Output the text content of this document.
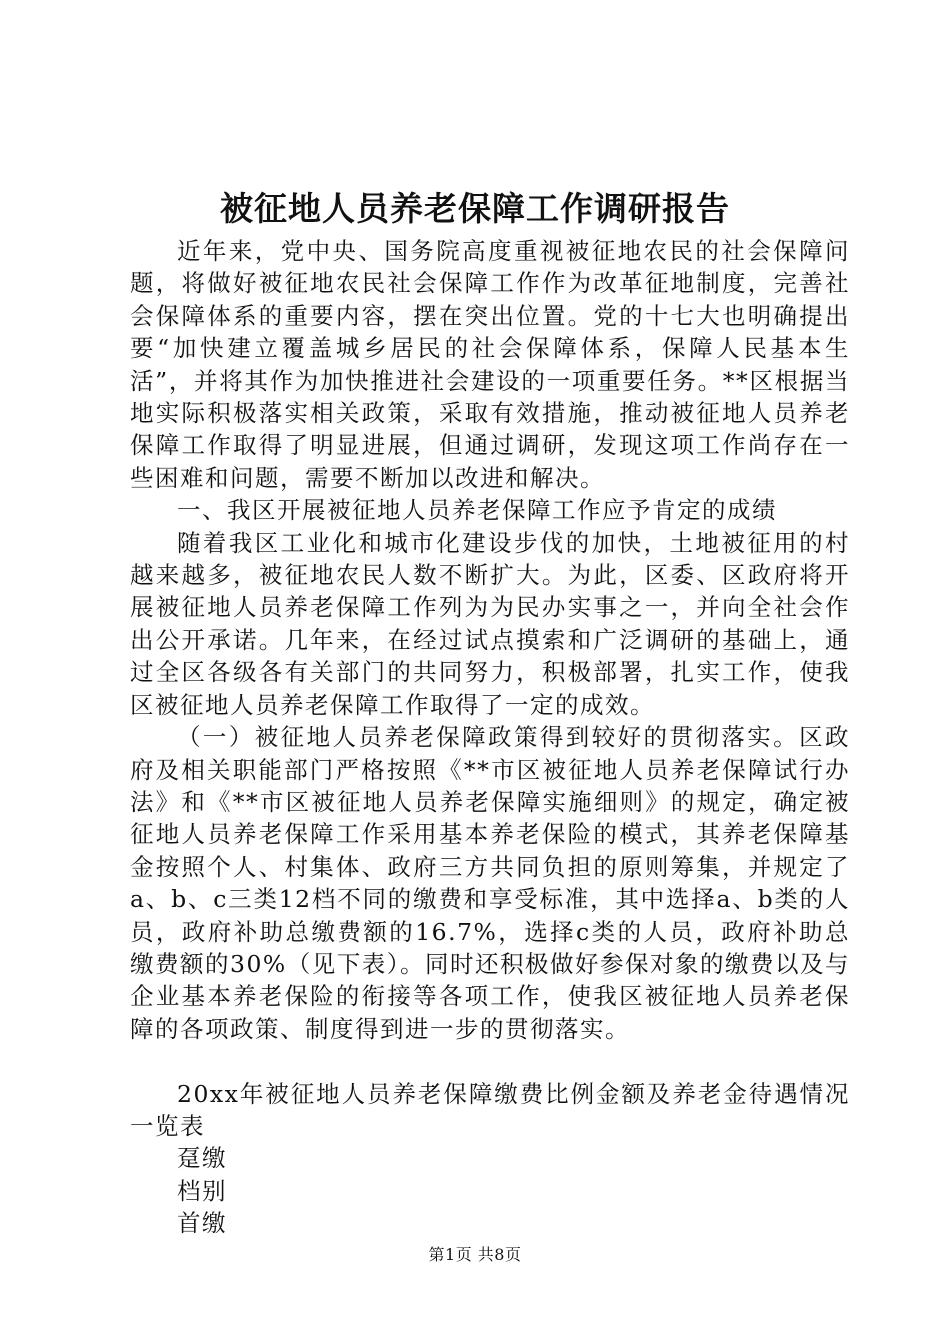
被征地人员养老保障工作调研报告

近年来，党中央、国务院高度重视被征地农民的社会保障问题，将做好被征地农民社会保障工作作为改革征地制度，完善社会保障体系的重要内容，摆在突出位置。党的十七大也明确提出要“加快建立覆盖城乡居民的社会保障体系，保障人民基本生活”，并将其作为加快推进社会建设的一项重要任务。**区根据当地实际积极落实相关政策，采取有效措施，推动被征地人员养老保障工作取得了明显进展，但通过调研，发现这项工作尚存在一些困难和问题，需要不断加以改进和解决。

一、我区开展被征地人员养老保障工作应予肯定的成绩

随着我区工业化和城市化建设步伐的加快，土地被征用的村越来越多，被征地农民人数不断扩大。为此，区委、区政府将开展被征地人员养老保障工作列为为民办实事之一，并向全社会作出公开承诺。几年来，在经过试点摸索和广泛调研的基础上，通过全区各级各有关部门的共同努力，积极部署，扎实工作，使我区被征地人员养老保障工作取得了一定的成效。

（一）被征地人员养老保障政策得到较好的贯彻落实。区政府及相关职能部门严格按照《**市区被征地人员养老保障试行办法》和《**市区被征地人员养老保障实施细则》的规定，确定被征地人员养老保障工作采用基本养老保险的模式，其养老保障基金按照个人、村集体、政府三方共同负担的原则筹集，并规定了a、b、c三类12档不同的缴费和享受标准，其中选择a、b类的人员，政府补助总缴费额的16.7%，选择c类的人员，政府补助总缴费额的30%（见下表）。同时还积极做好参保对象的缴费以及与企业基本养老保险的衔接等各项工作，使我区被征地人员养老保障的各项政策、制度得到进一步的贯彻落实。

20xx年被征地人员养老保障缴费比例金额及养老金待遇情况一览表

趸缴

档别

首缴

第1页 共8页
